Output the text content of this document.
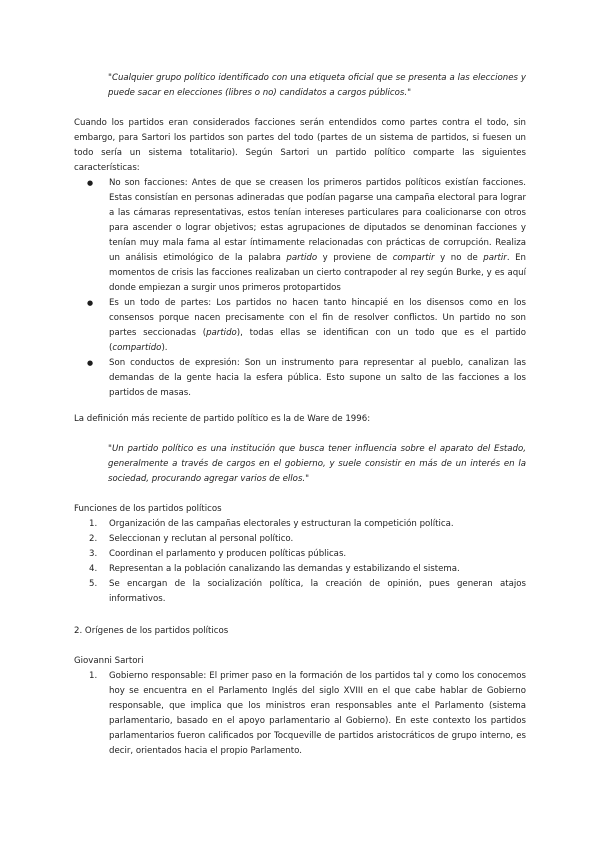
"Cualquier grupo político identificado con una etiqueta oficial que se presenta a las elecciones y puede sacar en elecciones (libres o no) candidatos a cargos públicos."

Cuando los partidos eran considerados facciones serán entendidos como partes contra el todo, sin embargo, para Sartori los partidos son partes del todo (partes de un sistema de partidos, si fuesen un todo sería un sistema totalitario). Según Sartori un partido político comparte las siguientes características:

● No son facciones: Antes de que se creasen los primeros partidos políticos existían facciones. Estas consistían en personas adineradas que podían pagarse una campaña electoral para lograr a las cámaras representativas, estos tenían intereses particulares para coalicionarse con otros para ascender o lograr objetivos; estas agrupaciones de diputados se denominan facciones y tenían muy mala fama al estar íntimamente relacionadas con prácticas de corrupción. Realiza un análisis etimológico de la palabra partido y proviene de compartir y no de partir. En momentos de crisis las facciones realizaban un cierto contrapoder al rey según Burke, y es aquí donde empiezan a surgir unos primeros protopartidos
● Es un todo de partes: Los partidos no hacen tanto hincapié en los disensos como en los consensos porque nacen precisamente con el fin de resolver conflictos. Un partido no son partes seccionadas (partido), todas ellas se identifican con un todo que es el partido (compartido).
● Son conductos de expresión: Son un instrumento para representar al pueblo, canalizan las demandas de la gente hacia la esfera pública. Esto supone un salto de las facciones a los partidos de masas.

La definición más reciente de partido político es la de Ware de 1996:

"Un partido político es una institución que busca tener influencia sobre el aparato del Estado, generalmente a través de cargos en el gobierno, y suele consistir en más de un interés en la sociedad, procurando agregar varios de ellos."

Funciones de los partidos políticos

1. Organización de las campañas electorales y estructuran la competición política.
2. Seleccionan y reclutan al personal político.
3. Coordinan el parlamento y producen políticas públicas.
4. Representan a la población canalizando las demandas y estabilizando el sistema.
5. Se encargan de la socialización política, la creación de opinión, pues generan atajos informativos.

2. Orígenes de los partidos políticos

Giovanni Sartori

1. Gobierno responsable: El primer paso en la formación de los partidos tal y como los conocemos hoy se encuentra en el Parlamento Inglés del siglo XVIII en el que cabe hablar de Gobierno responsable, que implica que los ministros eran responsables ante el Parlamento (sistema parlamentario, basado en el apoyo parlamentario al Gobierno). En este contexto los partidos parlamentarios fueron calificados por Tocqueville de partidos aristocráticos de grupo interno, es decir, orientados hacia el propio Parlamento.
